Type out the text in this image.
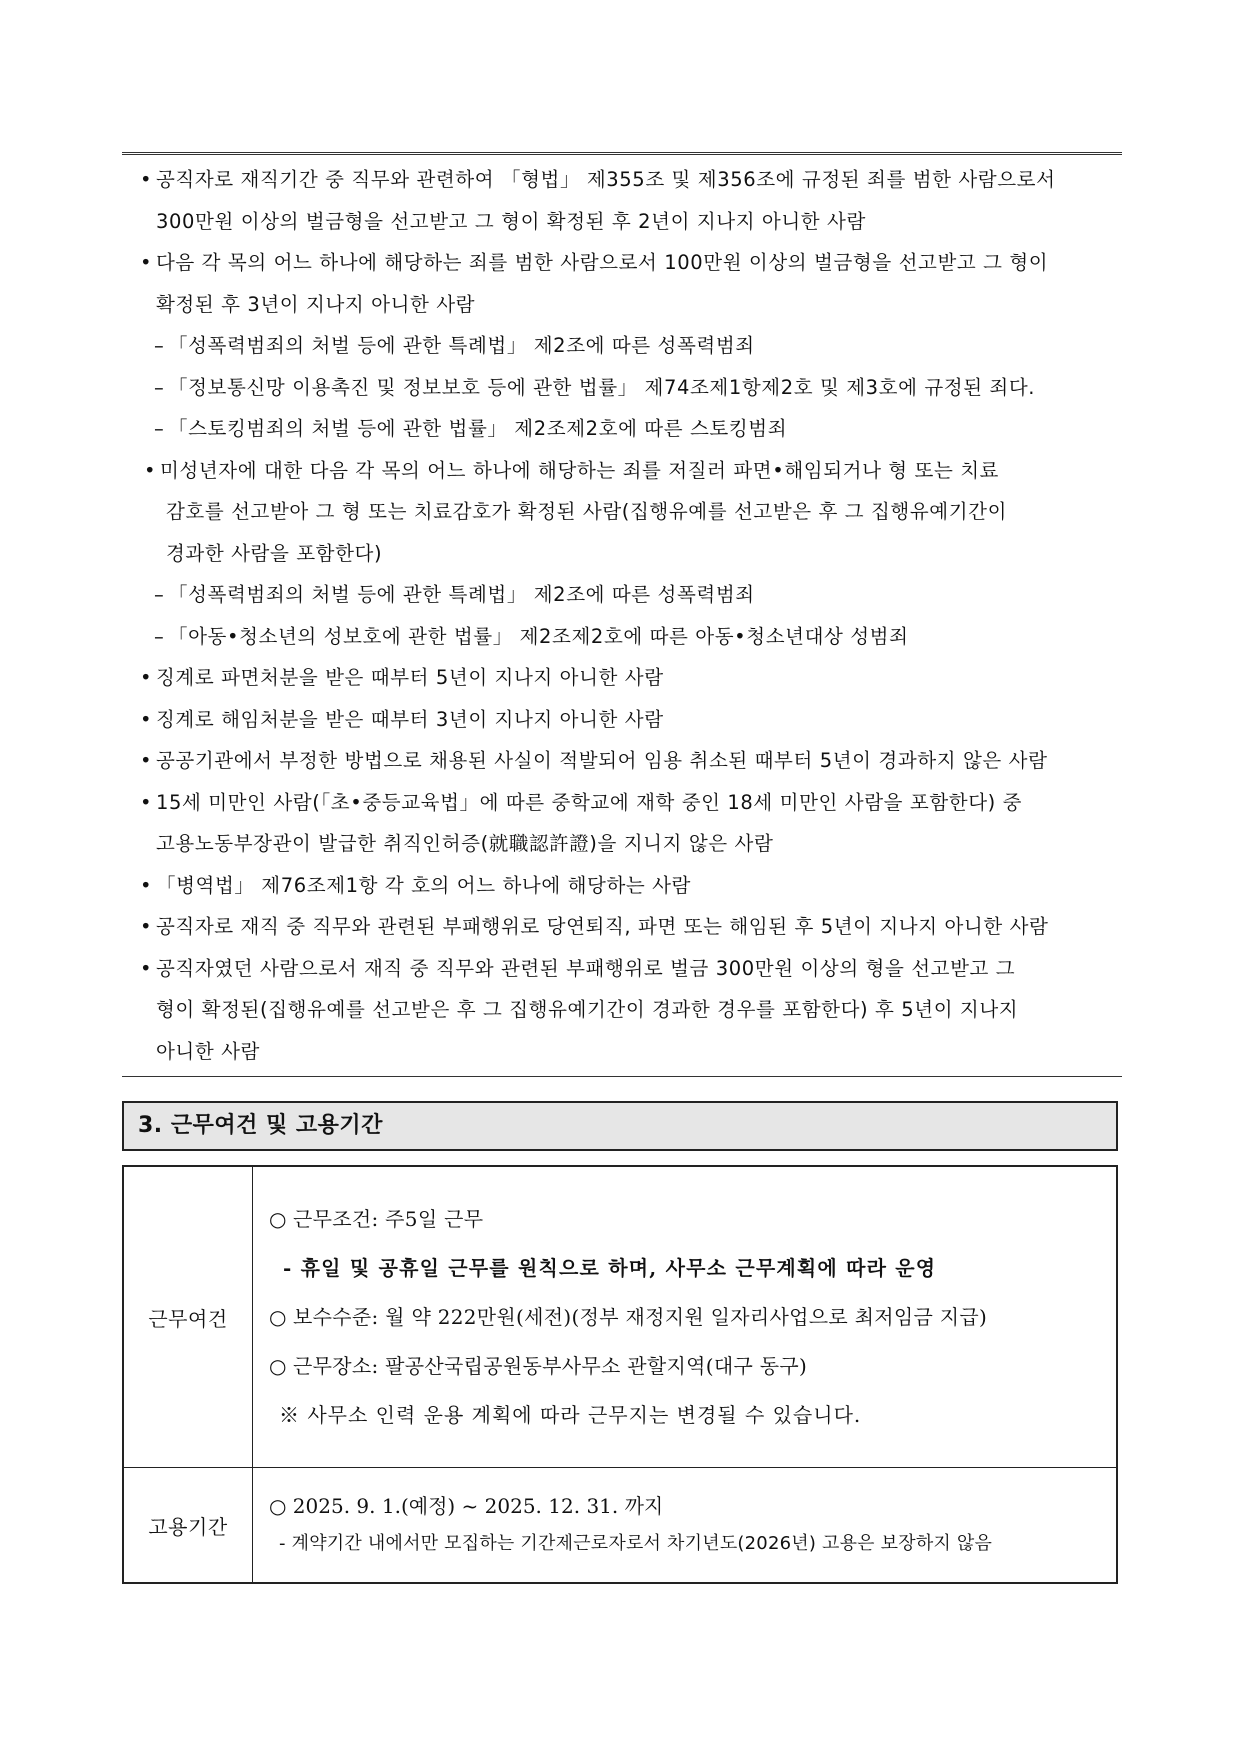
• 공직자로 재직기간 중 직무와 관련하여 「형법」 제355조 및 제356조에 규정된 죄를 범한 사람으로서
300만원 이상의 벌금형을 선고받고 그 형이 확정된 후 2년이 지나지 아니한 사람
• 다음 각 목의 어느 하나에 해당하는 죄를 범한 사람으로서 100만원 이상의 벌금형을 선고받고 그 형이
확정된 후 3년이 지나지 아니한 사람
– 「성폭력범죄의 처벌 등에 관한 특례법」 제2조에 따른 성폭력범죄
– 「정보통신망 이용촉진 및 정보보호 등에 관한 법률」 제74조제1항제2호 및 제3호에 규정된 죄다.
– 「스토킹범죄의 처벌 등에 관한 법률」 제2조제2호에 따른 스토킹범죄
• 미성년자에 대한 다음 각 목의 어느 하나에 해당하는 죄를 저질러 파면•해임되거나 형 또는 치료
감호를 선고받아 그 형 또는 치료감호가 확정된 사람(집행유예를 선고받은 후 그 집행유예기간이
경과한 사람을 포함한다)
– 「성폭력범죄의 처벌 등에 관한 특례법」 제2조에 따른 성폭력범죄
– 「아동•청소년의 성보호에 관한 법률」 제2조제2호에 따른 아동•청소년대상 성범죄
• 징계로 파면처분을 받은 때부터 5년이 지나지 아니한 사람
• 징계로 해임처분을 받은 때부터 3년이 지나지 아니한 사람
• 공공기관에서 부정한 방법으로 채용된 사실이 적발되어 임용 취소된 때부터 5년이 경과하지 않은 사람
• 15세 미만인 사람(「초•중등교육법」에 따른 중학교에 재학 중인 18세 미만인 사람을 포함한다) 중
고용노동부장관이 발급한 취직인허증(就職認許證)을 지니지 않은 사람
• 「병역법」 제76조제1항 각 호의 어느 하나에 해당하는 사람
• 공직자로 재직 중 직무와 관련된 부패행위로 당연퇴직, 파면 또는 해임된 후 5년이 지나지 아니한 사람
• 공직자였던 사람으로서 재직 중 직무와 관련된 부패행위로 벌금 300만원 이상의 형을 선고받고 그
형이 확정된(집행유예를 선고받은 후 그 집행유예기간이 경과한 경우를 포함한다) 후 5년이 지나지
아니한 사람
3. 근무여건 및 고용기간
근무여건	○ 근무조건: 주5일 근무
- 휴일 및 공휴일 근무를 원칙으로 하며, 사무소 근무계획에 따라 운영
○ 보수수준: 월 약 222만원(세전)(정부 재정지원 일자리사업으로 최저임금 지급)
○ 근무장소: 팔공산국립공원동부사무소 관할지역(대구 동구)
※ 사무소 인력 운용 계획에 따라 근무지는 변경될 수 있습니다.

고용기간	○ 2025. 9. 1.(예정) ~ 2025. 12. 31. 까지
- 계약기간 내에서만 모집하는 기간제근로자로서 차기년도(2026년) 고용은 보장하지 않음
